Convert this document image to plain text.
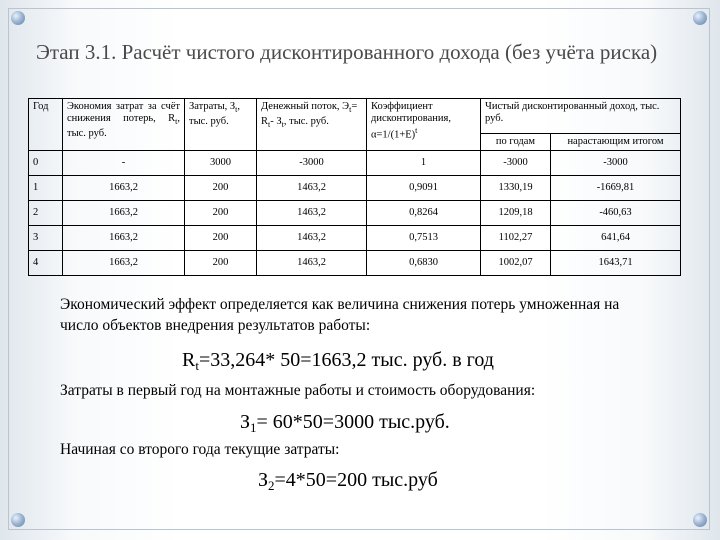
Этап 3.1. Расчёт чистого дисконтированного дохода (без учёта риска)
Год	Экономия затрат за счёт снижения потерь, $R_t$, тыс. руб.	Затраты, $З_t$, тыс. руб.	Денежный поток, $Э_t= R_t-$ $З_t$, тыс. руб.	Коэффициент дисконтирования, $\alpha=1/(1+E)^t$	Чистый дисконтированный доход, тыс. руб.	
					по годам	нарастающим итогом
0	-	3000	-3000	1	-3000	-3000
1	1663,2	200	1463,2	0,9091	1330,19	-1669,81
2	1663,2	200	1463,2	0,8264	1209,18	-460,63
3	1663,2	200	1463,2	0,7513	1102,27	641,64
4	1663,2	200	1463,2	0,6830	1002,07	1643,71
Экономический эффект определяется как величина снижения потерь умноженная на число объектов внедрения результатов работы:
$R_t=33,264*$ 50=1663,2 тыс. руб. в год
Затраты в первый год на монтажные работы и стоимость оборудования:
$З_1= 60*50=3000$ тыс.руб.
Начиная со второго года текущие затраты:
$З_2=4*50=200$ тыс.руб
